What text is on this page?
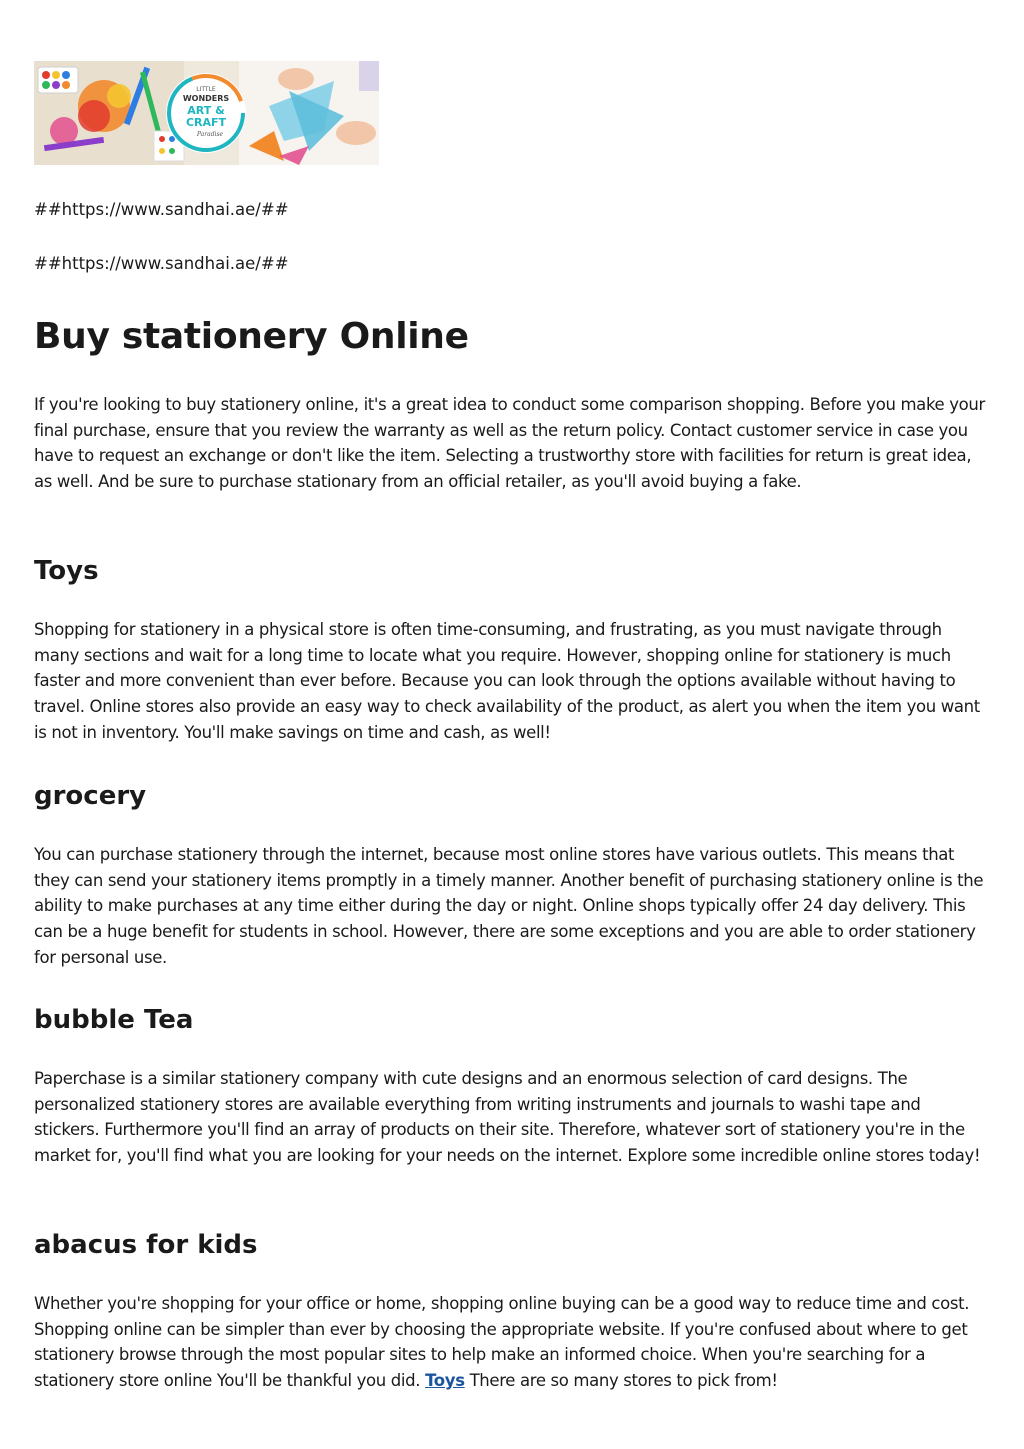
LITTLE
WONDERS
ART &
CRAFT
Paradise

##https://www.sandhai.ae/##

##https://www.sandhai.ae/##

Buy stationery Online

If you're looking to buy stationery online, it's a great idea to conduct some comparison shopping. Before you make your final purchase, ensure that you review the warranty as well as the return policy. Contact customer service in case you have to request an exchange or don't like the item. Selecting a trustworthy store with facilities for return is great idea, as well. And be sure to purchase stationary from an official retailer, as you'll avoid buying a fake.

Toys

Shopping for stationery in a physical store is often time-consuming, and frustrating, as you must navigate through many sections and wait for a long time to locate what you require. However, shopping online for stationery is much faster and more convenient than ever before. Because you can look through the options available without having to travel. Online stores also provide an easy way to check availability of the product, as alert you when the item you want is not in inventory. You'll make savings on time and cash, as well!

grocery

You can purchase stationery through the internet, because most online stores have various outlets. This means that they can send your stationery items promptly in a timely manner. Another benefit of purchasing stationery online is the ability to make purchases at any time either during the day or night. Online shops typically offer 24 day delivery. This can be a huge benefit for students in school. However, there are some exceptions and you are able to order stationery for personal use.

bubble Tea

Paperchase is a similar stationery company with cute designs and an enormous selection of card designs. The personalized stationery stores are available everything from writing instruments and journals to washi tape and stickers. Furthermore you'll find an array of products on their site. Therefore, whatever sort of stationery you're in the market for, you'll find what you are looking for your needs on the internet. Explore some incredible online stores today!

abacus for kids

Whether you're shopping for your office or home, shopping online buying can be a good way to reduce time and cost. Shopping online can be simpler than ever by choosing the appropriate website. If you're confused about where to get stationery browse through the most popular sites to help make an informed choice. When you're searching for a stationery store online You'll be thankful you did. Toys There are so many stores to pick from!
